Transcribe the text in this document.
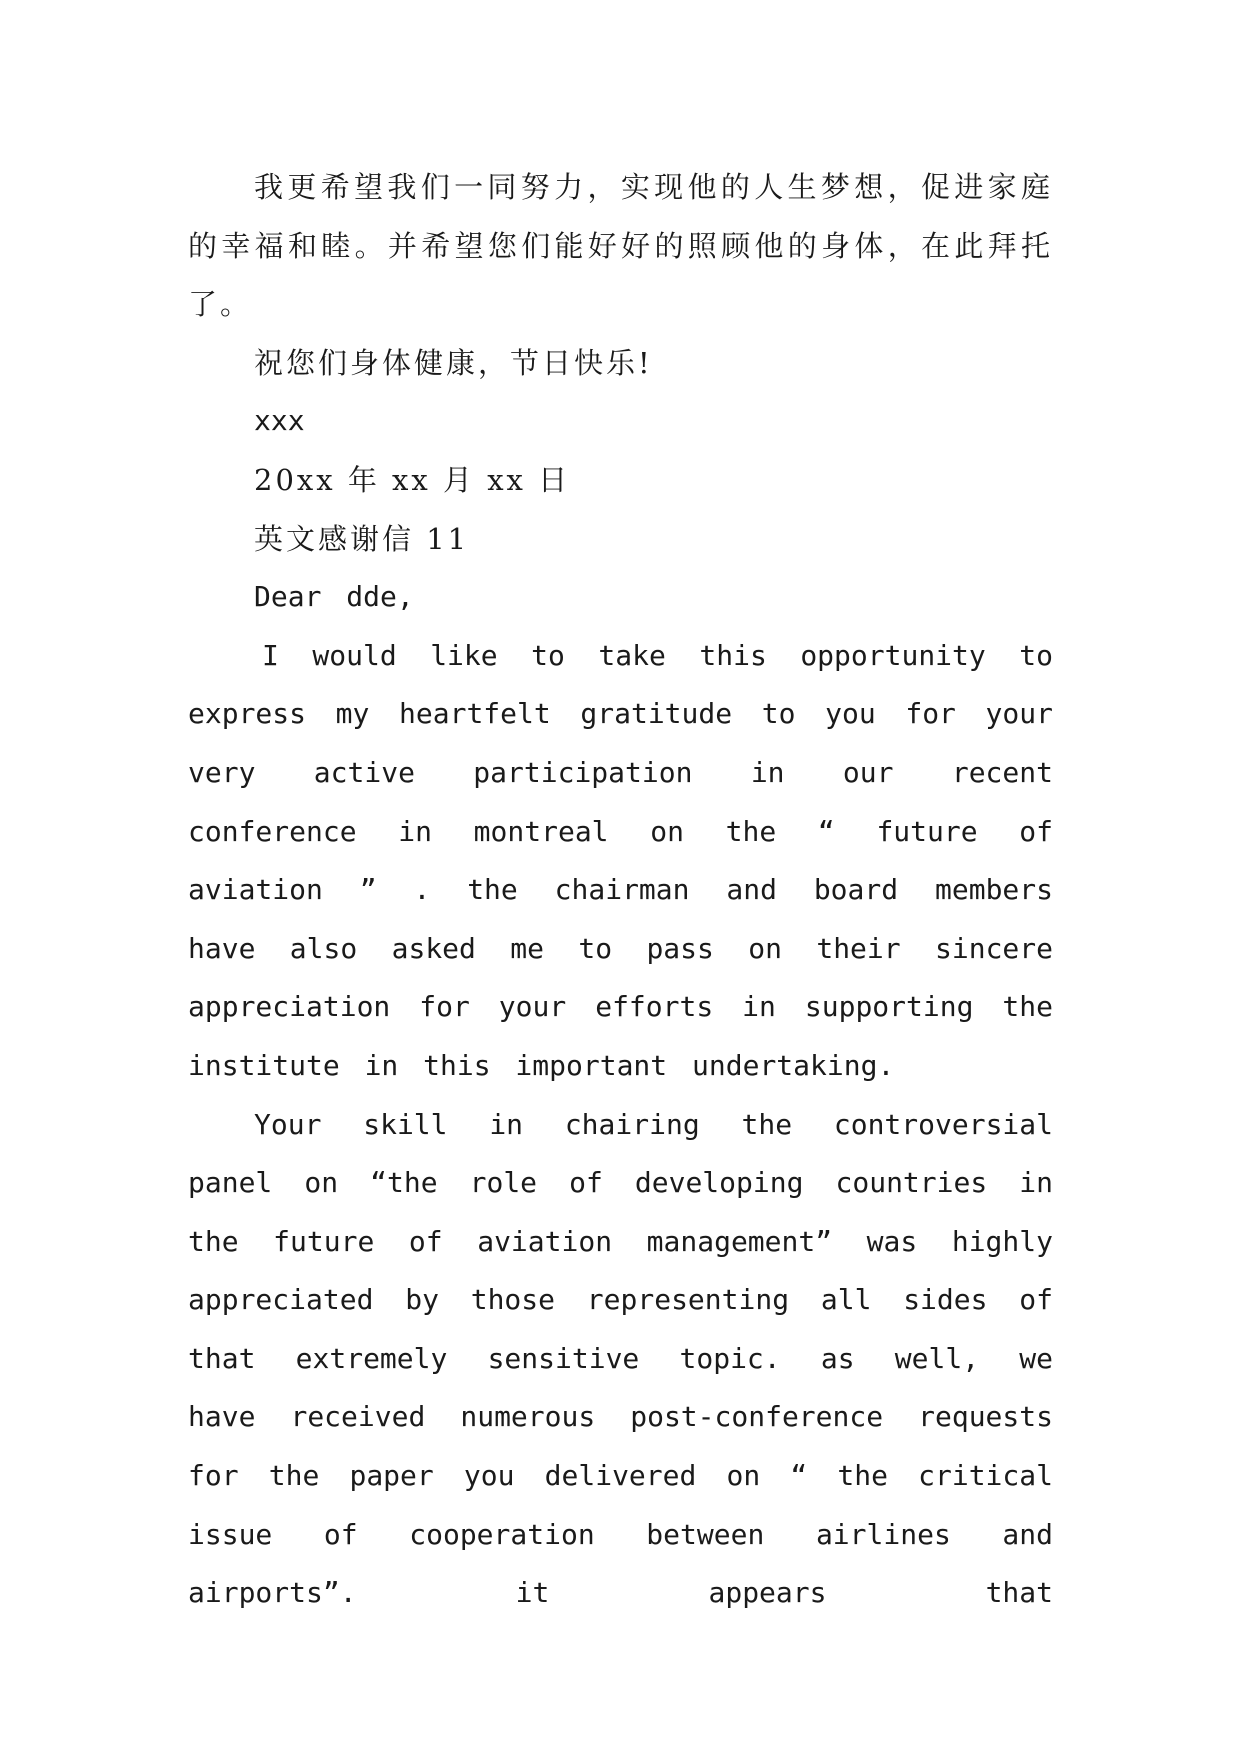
我更希望我们一同努力，实现他的人生梦想，促进家庭的幸福和睦。并希望您们能好好的照顾他的身体，在此拜托了。

祝您们身体健康，节日快乐!

xxx

20xx 年 xx 月 xx 日

英文感谢信 11

Dear dde,

I would like to take this opportunity to express my heartfelt gratitude to you for your very active participation in our recent conference in montreal on the “ future of aviation ” . the chairman and board members have also asked me to pass on their sincere appreciation for your efforts in supporting the institute in this important undertaking.

Your skill in chairing the controversial panel on “the role of developing countries in the future of aviation management” was highly appreciated by those representing all sides of that extremely sensitive topic. as well, we have received numerous post-conference requests for the paper you delivered on “ the critical issue of cooperation between airlines and airports”. it appears that
